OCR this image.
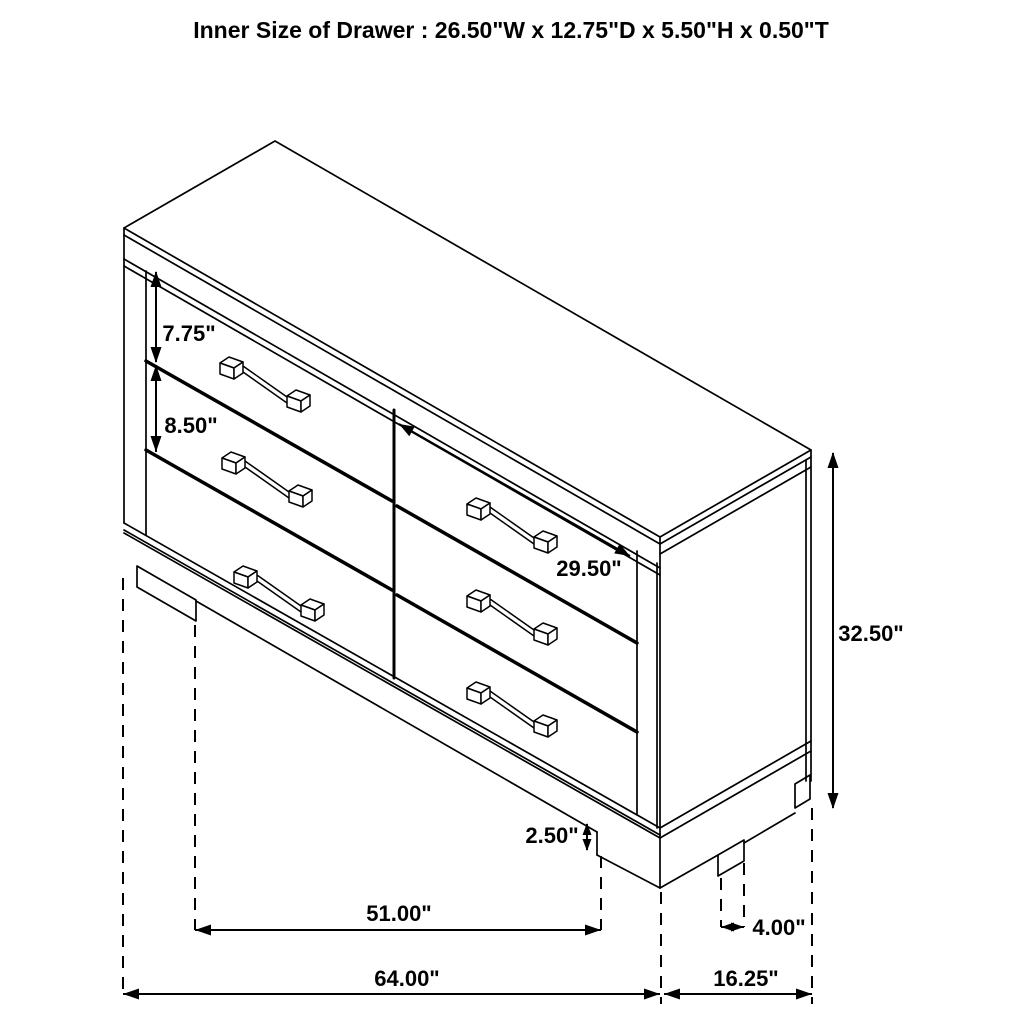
Inner Size of Drawer : 26.50"W x 12.75"D x 5.50"H x 0.50"T
7.75"
8.50"
29.50"
32.50"
2.50"
51.00"
64.00"	16.25"
4.00"
